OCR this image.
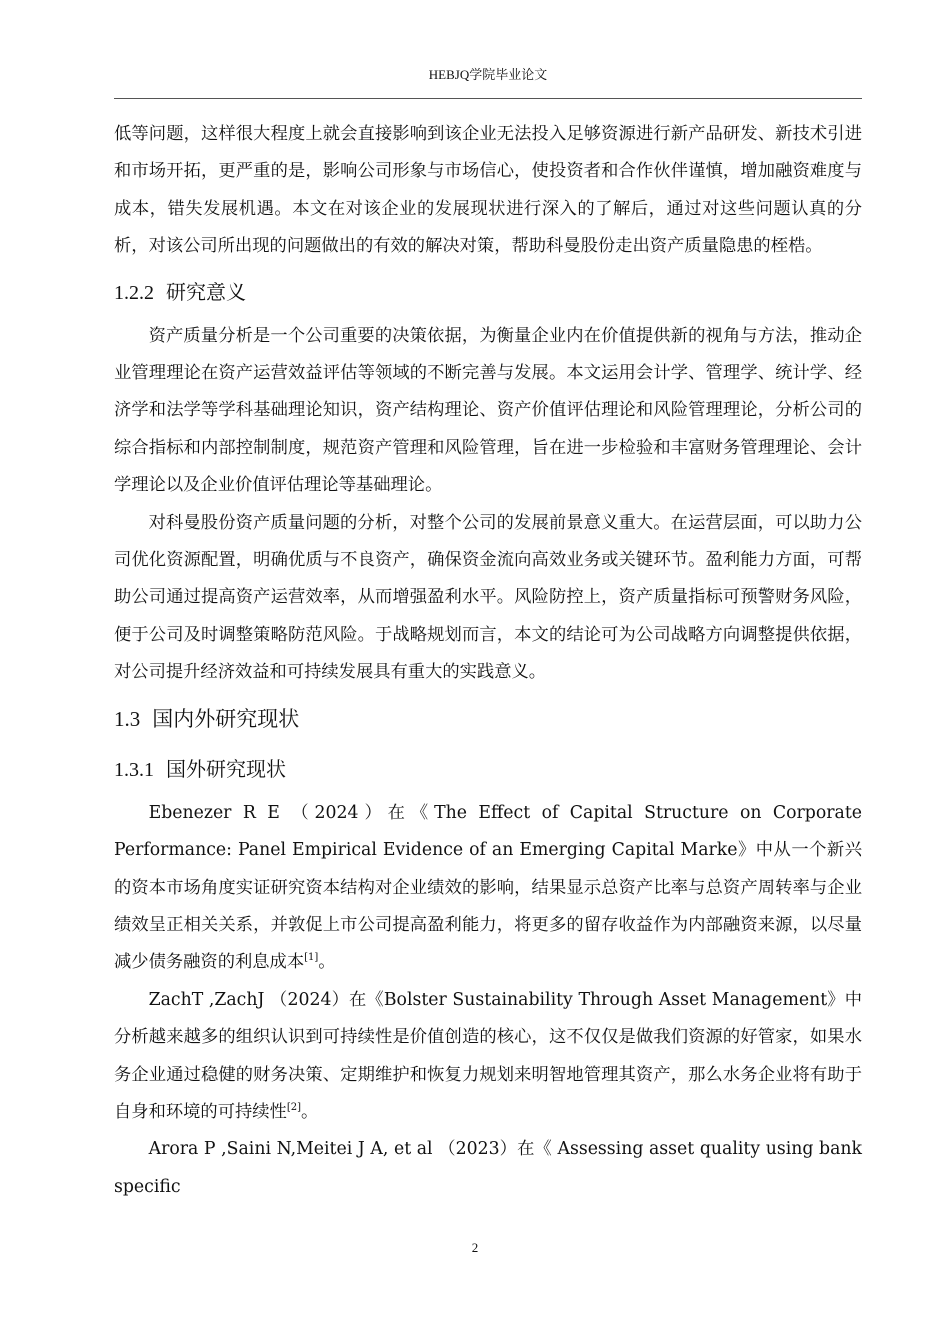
HEBJQ学院毕业论文

低等问题，这样很大程度上就会直接影响到该企业无法投入足够资源进行新产品研发、新技术引进和市场开拓，更严重的是，影响公司形象与市场信心，使投资者和合作伙伴谨慎，增加融资难度与成本，错失发展机遇。本文在对该企业的发展现状进行深入的了解后，通过对这些问题认真的分析，对该公司所出现的问题做出的有效的解决对策，帮助科曼股份走出资产质量隐患的桎梏。

1.2.2 研究意义

资产质量分析是一个公司重要的决策依据，为衡量企业内在价值提供新的视角与方法，推动企业管理理论在资产运营效益评估等领域的不断完善与发展。本文运用会计学、管理学、统计学、经济学和法学等学科基础理论知识，资产结构理论、资产价值评估理论和风险管理理论，分析公司的综合指标和内部控制制度，规范资产管理和风险管理，旨在进一步检验和丰富财务管理理论、会计学理论以及企业价值评估理论等基础理论。

对科曼股份资产质量问题的分析，对整个公司的发展前景意义重大。在运营层面，可以助力公司优化资源配置，明确优质与不良资产，确保资金流向高效业务或关键环节。盈利能力方面，可帮助公司通过提高资产运营效率，从而增强盈利水平。风险防控上，资产质量指标可预警财务风险，便于公司及时调整策略防范风险。于战略规划而言，本文的结论可为公司战略方向调整提供依据，对公司提升经济效益和可持续发展具有重大的实践意义。

1.3 国内外研究现状
1.3.1 国外研究现状

Ebenezer R E （2024）在《The Effect of Capital Structure on Corporate Performance: Panel Empirical Evidence of an Emerging Capital Marke》中从一个新兴的资本市场角度实证研究资本结构对企业绩效的影响，结果显示总资产比率与总资产周转率与企业绩效呈正相关关系，并敦促上市公司提高盈利能力，将更多的留存收益作为内部融资来源，以尽量减少债务融资的利息成本[1]。

ZachT ,ZachJ （2024）在《Bolster Sustainability Through Asset Management》中分析越来越多的组织认识到可持续性是价值创造的核心，这不仅仅是做我们资源的好管家，如果水务企业通过稳健的财务决策、定期维护和恢复力规划来明智地管理其资产，那么水务企业将有助于自身和环境的可持续性[2]。

Arora P ,Saini N,Meitei J A, et al （2023）在《 Assessing asset quality using bank specific

2
